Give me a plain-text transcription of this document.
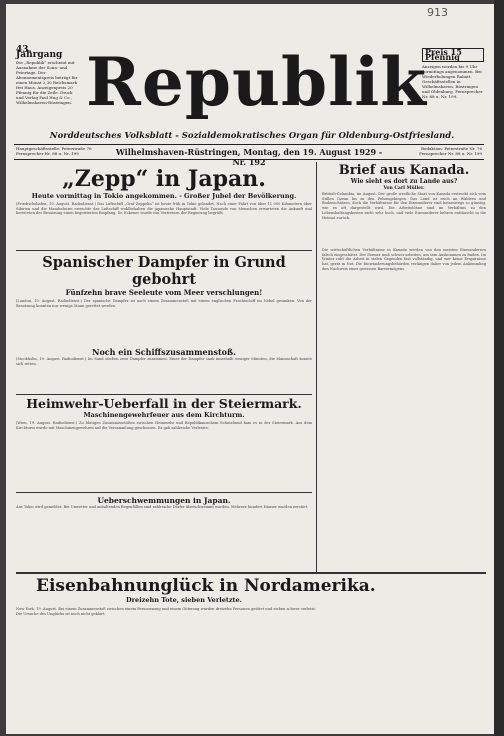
913
43. Jahrgang
Die „Republik“ erscheint mit Ausnahme der Sonn- und Feiertage. Der Abonnementspreis beträgt für einen Monat 2,30 Reichsmark frei Haus. Anzeigenpreis 20 Pfennig für die Zeile. Druck und Verlag Paul Hug & Co., Wilhelmshaven-Rüstringen. Republik
Preis 15 Pfennig
Anzeigen werden bis 9 Uhr vormittags angenommen. Bei Wiederholungen Rabatt. Geschäftsstellen in Wilhelmshaven, Rüstringen und Oldenburg. Fernsprecher Nr. 88 u. Nr. 199.
Norddeutsches Volksblatt - Sozialdemokratisches Organ für Oldenburg-Ostfriesland.
Hauptgeschäftsstelle: Peterstraße 76 Fernsprecher Nr. 88 u. Nr. 199	Wilhelmshaven-Rüstringen, Montag, den 19. August 1929 - Nr. 192
Redaktion: Peterstraße Nr. 76 Fernsprecher Nr. 88 u. Nr. 199
„Zepp“ in Japan.
Heute vormittag in Tokio angekommen. - Großer Jubel der Bevölkerung.
(Friedrichshafen, 19. August. Radiodienst.) Das Luftschiff „Graf Zeppelin“ ist heute früh in Tokio gelandet. Nach einer Fahrt von über 11 000 Kilometern über Sibirien und die Mandschurei erreichte das Luftschiff wohlbehalten die japanische Hauptstadt. Viele Tausende von Menschen erwarteten die Ankunft und bereiteten der Besatzung einen begeisterten Empfang. Dr. Eckener wurde von Vertretern der Regierung begrüßt.
Brief aus Kanada.
Wie sieht es dort zu Lande aus?
Von Carl Müller.
Brittish-Columbia, im August. Der große westliche Staat von Kanada erstreckt sich vom Stillen Ozean bis zu den Felsengebirgen. Das Land ist reich an Wäldern und Bodenschätzen, doch die Verhältnisse für den Einwanderer sind keineswegs so günstig, wie es oft dargestellt wird. Die Arbeitslöhne sind im Verhältnis zu den Lebenshaltungskosten nicht sehr hoch, und viele Einwanderer kehren enttäuscht in die Heimat zurück.
Spanischer Dampfer in Grund gebohrt
Fünfzehn brave Seeleute vom Meer verschlungen!
(London, 19. August. Radiodienst.) Der spanische Dampfer ist nach einem Zusammenstoß mit einem englischen Frachtschiff im Nebel gesunken. Von der Besatzung konnten nur wenige Mann gerettet werden.
Noch ein Schiffszusammenstoß.
(Stockholm, 19. August. Radiodienst.) Im Sund stießen zwei Dampfer zusammen. Einer der Dampfer sank innerhalb weniger Minuten, die Mannschaft konnte sich retten.
Heimwehr-Ueberfall in der Steiermark.
Maschinengewehrfeuer aus dem Kirchturm.
(Wien, 19. August. Radiodienst.) Zu blutigen Zusammenstößen zwischen Heimwehr und Republikanischem Schutzbund kam es in der Steiermark. Aus dem Kirchturm wurde mit Maschinengewehren auf die Versammlung geschossen. Es gab zahlreiche Verletzte.
Ueberschwemmungen in Japan.
Aus Tokio wird gemeldet: Bei Unwetter und anhaltenden Regenfällen sind zahlreiche Dörfer überschwemmt worden. Mehrere hundert Häuser wurden zerstört.
Die wirtschaftlichen Verhältnisse in Kanada werden von den meisten Einwanderern falsch eingeschätzt. Der Farmer muß schwer arbeiten, um sein Auskommen zu finden. Im Winter ruht die Arbeit in vielen Gegenden fast vollständig, und wer keine Ersparnisse hat, gerät in Not. Die Einwanderungsbehörden verlangen daher von jedem Ankömmling den Nachweis eines gewissen Barvermögens.
Eisenbahnunglück in Nordamerika.
Dreizehn Tote, sieben Verletzte.
New York, 19. August. Bei einem Zusammenstoß zwischen einem Personenzug und einem Güterzug wurden dreizehn Personen getötet und sieben schwer verletzt. Die Ursache des Unglücks ist noch nicht geklärt.
